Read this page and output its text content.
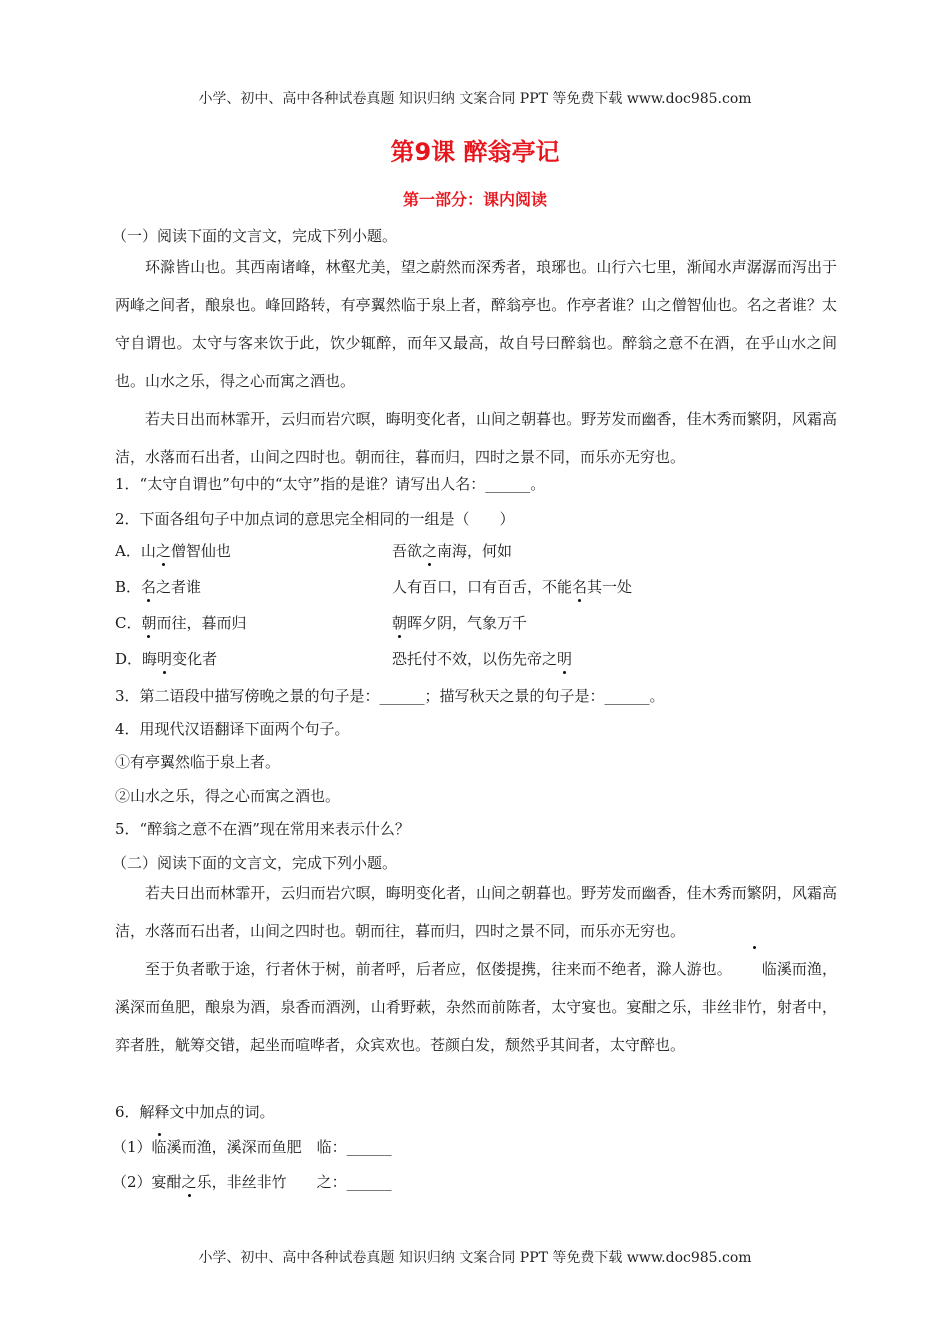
小学、初中、高中各种试卷真题 知识归纳 文案合同 PPT 等免费下载 www.doc985.com
第9课 醉翁亭记
第一部分：课内阅读
（一）阅读下面的文言文，完成下列小题。
环滁皆山也。其西南诸峰，林壑尤美，望之蔚然而深秀者，琅琊也。山行六七里，渐闻水声潺潺而泻出于两峰之间者，酿泉也。峰回路转，有亭翼然临于泉上者，醉翁亭也。作亭者谁？山之僧智仙也。名之者谁？太守自谓也。太守与客来饮于此，饮少辄醉，而年又最高，故自号曰醉翁也。醉翁之意不在酒，在乎山水之间也。山水之乐，得之心而寓之酒也。
若夫日出而林霏开，云归而岩穴暝，晦明变化者，山间之朝暮也。野芳发而幽香，佳木秀而繁阴，风霜高洁，水落而石出者，山间之四时也。朝而往，暮而归，四时之景不同，而乐亦无穷也。
1．“太守自谓也”句中的“太守”指的是谁？请写出人名：______。
2．下面各组句子中加点词的意思完全相同的一组是（　　）
A．山之僧智仙也	吾欲之南海，何如
B．名之者谁	人有百口，口有百舌，不能名其一处
C．朝而往，暮而归	朝晖夕阴，气象万千
D．晦明变化者	恐托付不效，以伤先帝之明
3．第二语段中描写傍晚之景的句子是：______；描写秋天之景的句子是：______。
4．用现代汉语翻译下面两个句子。
①有亭翼然临于泉上者。
②山水之乐，得之心而寓之酒也。
5．“醉翁之意不在酒”现在常用来表示什么？
（二）阅读下面的文言文，完成下列小题。
若夫日出而林霏开，云归而岩穴暝，晦明变化者，山间之朝暮也。野芳发而幽香，佳木秀而繁阴，风霜高洁，水落而石出者，山间之四时也。朝而往，暮而归，四时之景不同，而乐亦无穷也。
至于负者歌于途，行者休于树，前者呼，后者应，伛偻提携，往来而不绝者，滁人游也。 临溪而渔，溪深而鱼肥，酿泉为酒，泉香而酒洌，山肴野蔌，杂然而前陈者，太守宴也。宴酣之乐，非丝非竹，射者中，弈者胜，觥筹交错，起坐而喧哗者，众宾欢也。苍颜白发，颓然乎其间者，太守醉也。
6．解释文中加点的词。
（1）临溪而渔，溪深而鱼肥　临：______
（2）宴酣之乐，非丝非竹　　之：______
小学、初中、高中各种试卷真题 知识归纳 文案合同 PPT 等免费下载 www.doc985.com
